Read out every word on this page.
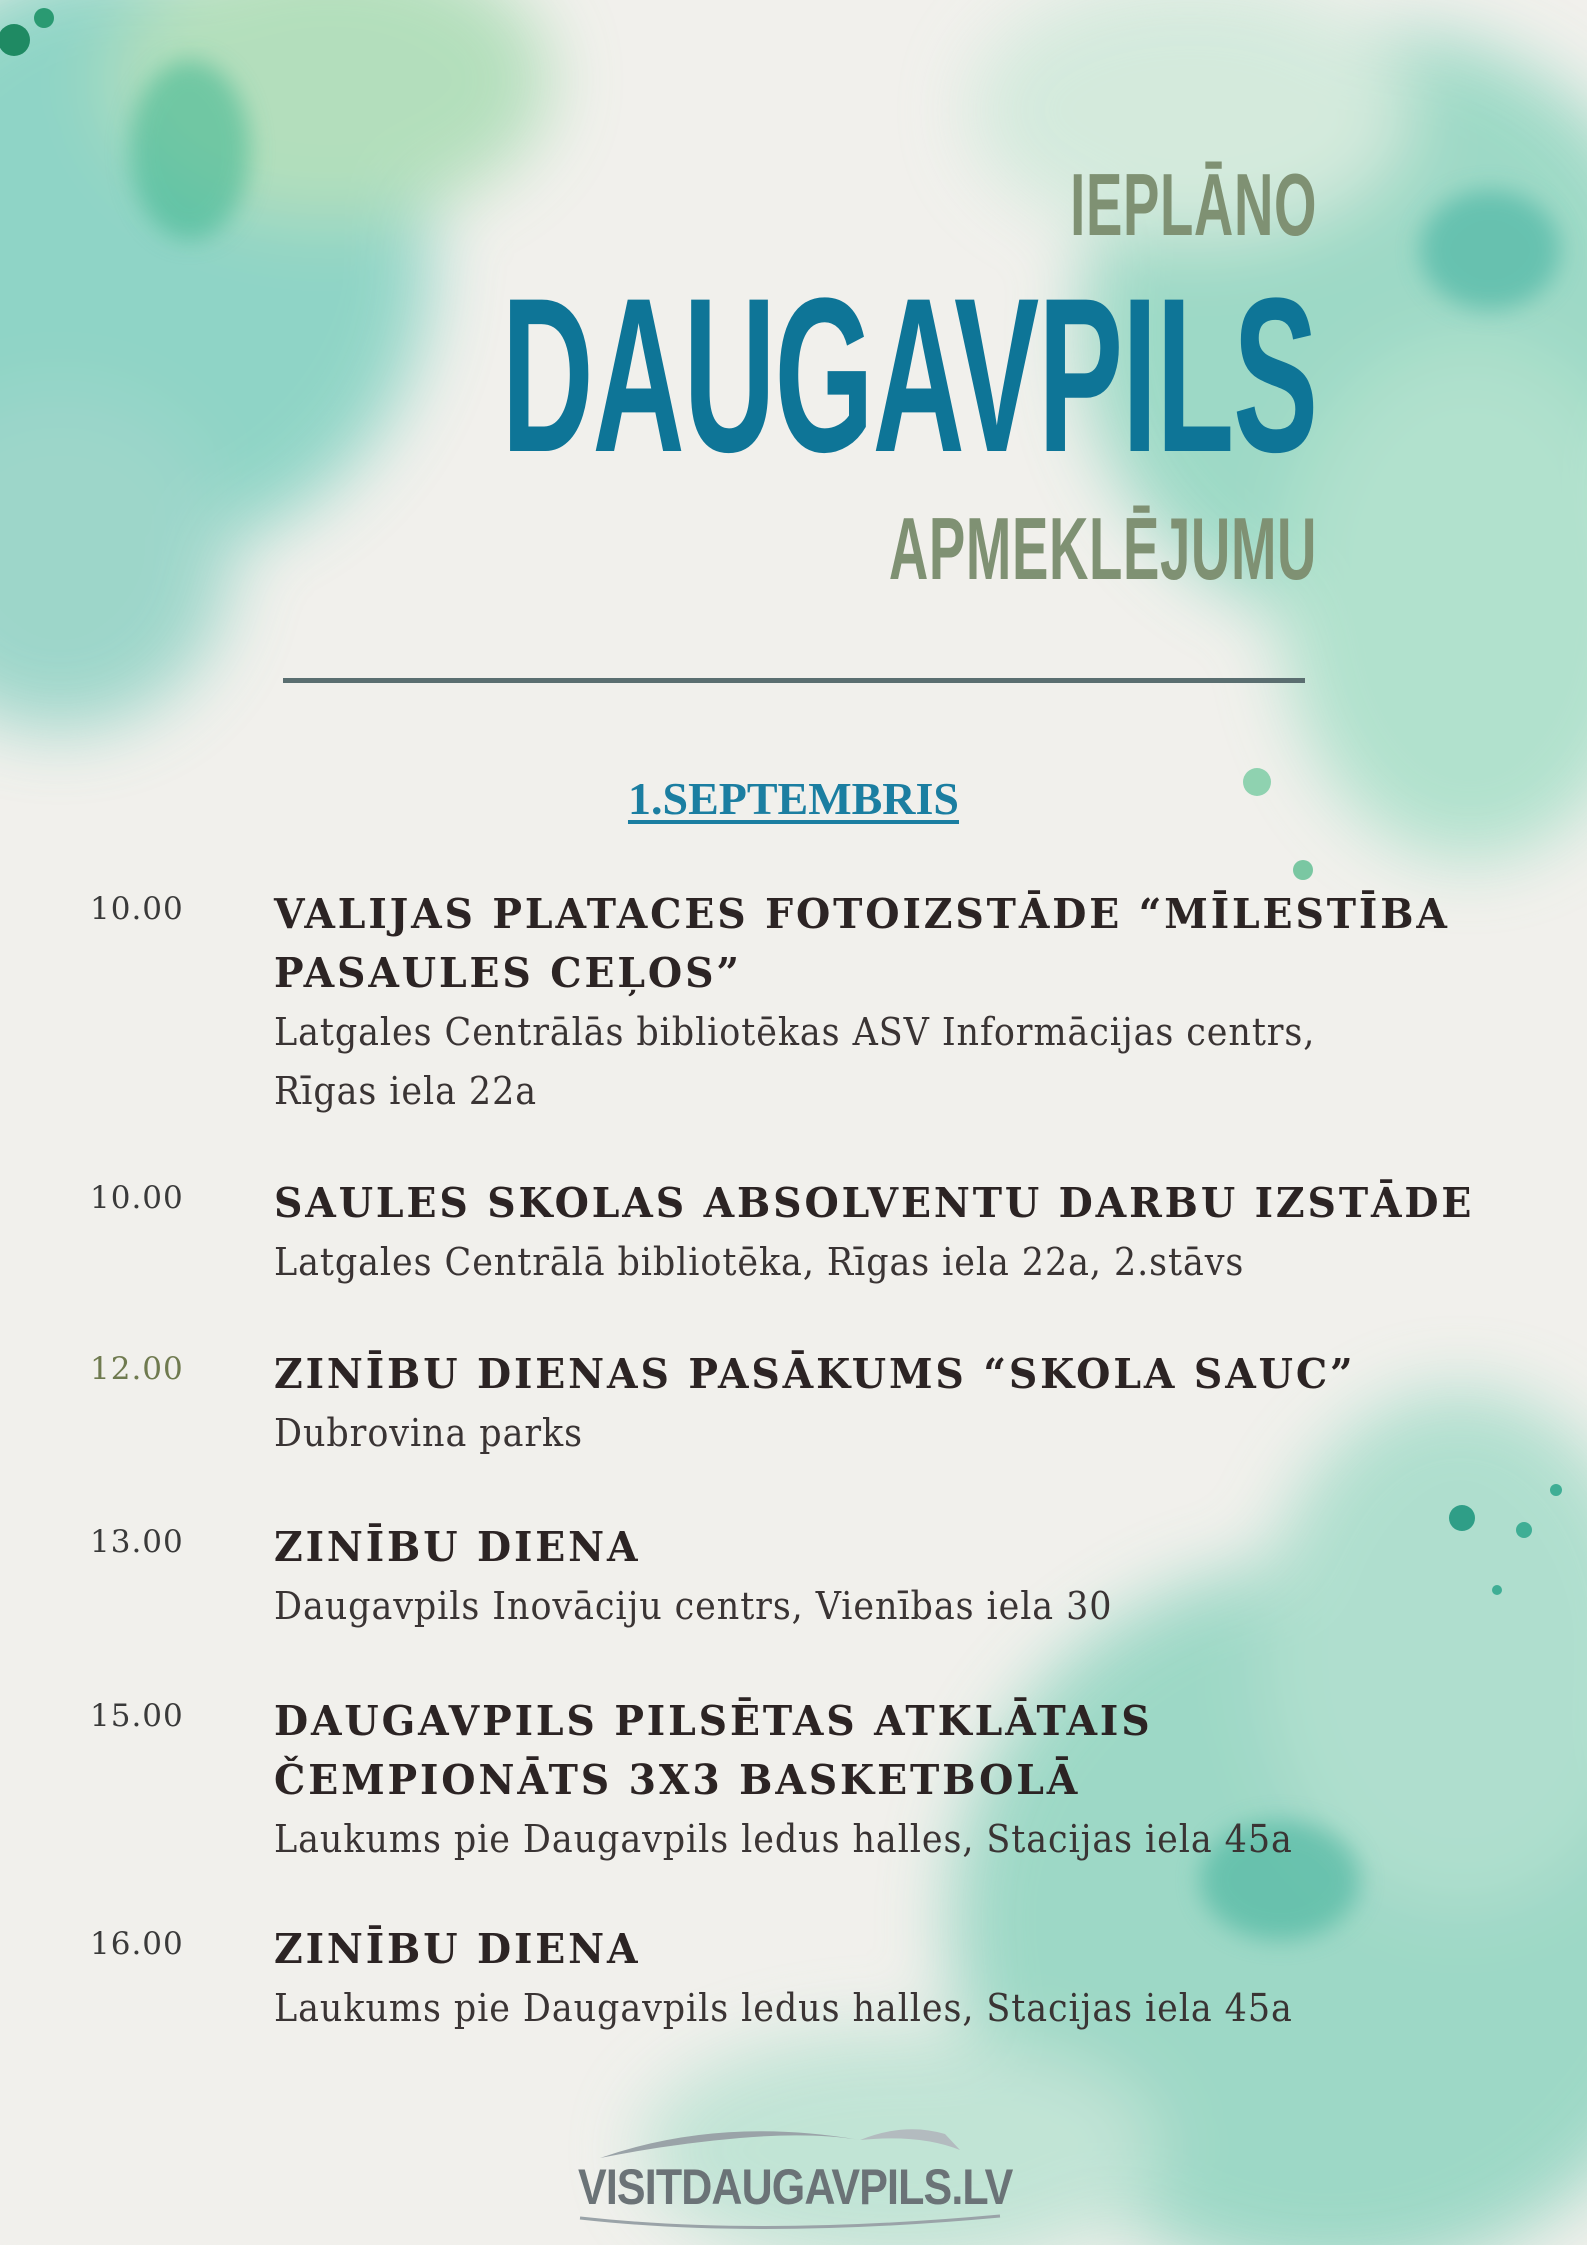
IEPLĀNO
DAUGAVPILS
APMEKLĒJUMU
1.SEPTEMBRIS
10.00 VALIJAS PLATACES FOTOIZSTĀDE “MĪLESTĪBA
PASAULES CEĻOS”
Latgales Centrālās bibliotēkas ASV Informācijas centrs,
Rīgas iela 22a
10.00 SAULES SKOLAS ABSOLVENTU DARBU IZSTĀDE
Latgales Centrālā bibliotēka, Rīgas iela 22a, 2.stāvs
12.00 ZINĪBU DIENAS PASĀKUMS “SKOLA SAUC”
Dubrovina parks
13.00 ZINĪBU DIENA
Daugavpils Inovāciju centrs, Vienības iela 30
15.00 DAUGAVPILS PILSĒTAS ATKLĀTAIS
ČEMPIONĀTS 3X3 BASKETBOLĀ
Laukums pie Daugavpils ledus halles, Stacijas iela 45a
16.00 ZINĪBU DIENA
Laukums pie Daugavpils ledus halles, Stacijas iela 45a
VISITDAUGAVPILS.LV
